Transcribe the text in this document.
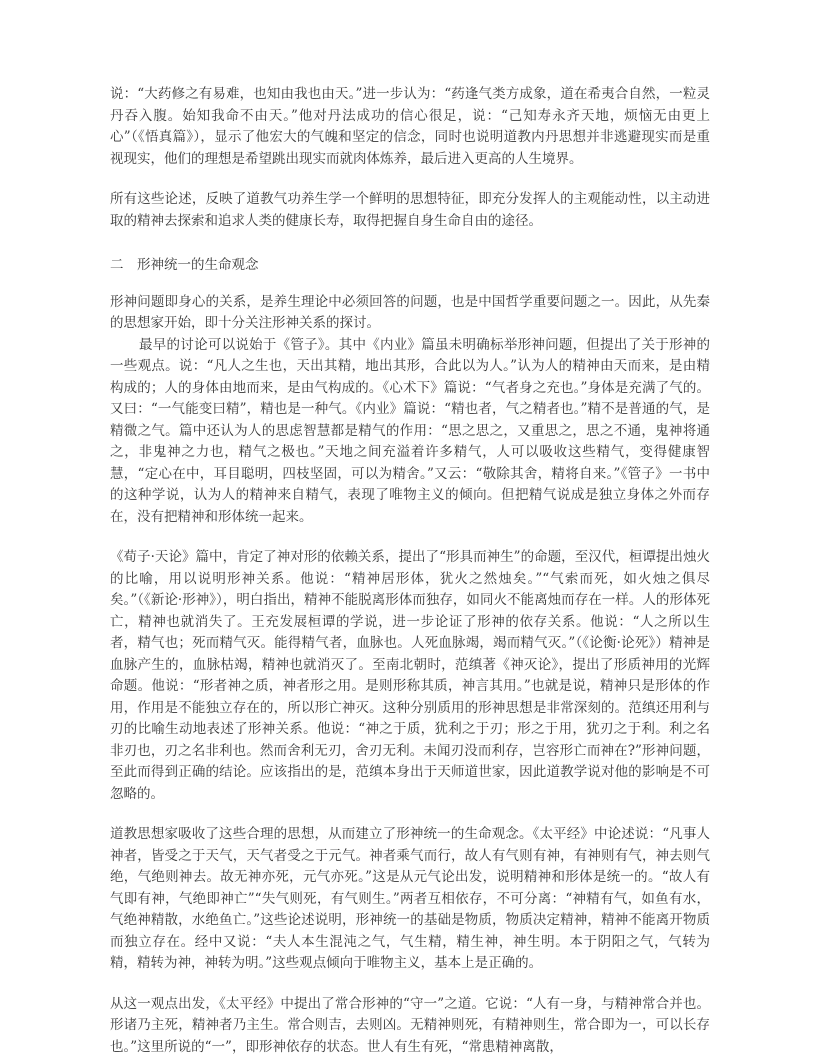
说：“大药修之有易难，也知由我也由天。”进一步认为：“药逢气类方成象，道在希夷合自然，一粒灵丹吞入腹。始知我命不由天。”他对丹法成功的信心很足，说：“己知寿永齐天地，烦恼无由更上心”（《悟真篇》），显示了他宏大的气魄和坚定的信念，同时也说明道教内丹思想并非逃避现实而是重视现实，他们的理想是希望跳出现实而就肉体炼养，最后进入更高的人生境界。

所有这些论述，反映了道教气功养生学一个鲜明的思想特征，即充分发挥人的主观能动性，以主动进取的精神去探索和追求人类的健康长寿，取得把握自身生命自由的途径。

二　形神统一的生命观念

形神问题即身心的关系，是养生理论中必须回答的问题，也是中国哲学重要问题之一。因此，从先秦的思想家开始，即十分关注形神关系的探讨。

最早的讨论可以说始于《管子》。其中《内业》篇虽未明确标举形神问题，但提出了关于形神的一些观点。说：“凡人之生也，天出其精，地出其形，合此以为人。”认为人的精神由天而来，是由精构成的；人的身体由地而来，是由气构成的。《心术下》篇说：“气者身之充也。”身体是充满了气的。又曰：“一气能变曰精”，精也是一种气。《内业》篇说：“精也者，气之精者也。”精不是普通的气，是精微之气。篇中还认为人的思虑智慧都是精气的作用：“思之思之，又重思之，思之不通，鬼神将通之，非鬼神之力也，精气之极也。”天地之间充溢着许多精气，人可以吸收这些精气，变得健康智慧，“定心在中，耳目聪明，四枝坚固，可以为精舍。”又云：“敬除其舍，精将自来。”《管子》一书中的这种学说，认为人的精神来自精气，表现了唯物主义的倾向。但把精气说成是独立身体之外而存在，没有把精神和形体统一起来。

《荀子·天论》篇中，肯定了神对形的依赖关系，提出了“形具而神生”的命题，至汉代，桓谭提出烛火的比喻，用以说明形神关系。他说：“精神居形体，犹火之然烛矣。”“气索而死，如火烛之俱尽矣。”（《新论·形神》），明白指出，精神不能脱离形体而独存，如同火不能离烛而存在一样。人的形体死亡，精神也就消失了。王充发展桓谭的学说，进一步论证了形神的依存关系。他说：“人之所以生者，精气也；死而精气灭。能得精气者，血脉也。人死血脉竭，竭而精气灭。”（《论衡·论死》）精神是血脉产生的，血脉枯竭，精神也就消灭了。至南北朝时，范缜著《神灭论》，提出了形质神用的光辉命题。他说：“形者神之质，神者形之用。是则形称其质，神言其用。”也就是说，精神只是形体的作用，作用是不能独立存在的，所以形亡神灭。这种分别质用的形神思想是非常深刻的。范缜还用利与刃的比喻生动地表述了形神关系。他说：“神之于质，犹利之于刃；形之于用，犹刃之于利。利之名非刃也，刃之名非利也。然而舍利无刃，舍刃无利。未闻刃没而利存，岂容形亡而神在?”形神问题，至此而得到正确的结论。应该指出的是，范缜本身出于天师道世家，因此道教学说对他的影响是不可忽略的。

道教思想家吸收了这些合理的思想，从而建立了形神统一的生命观念。《太平经》中论述说：“凡事人神者，皆受之于天气，天气者受之于元气。神者乘气而行，故人有气则有神，有神则有气，神去则气绝，气绝则神去。故无神亦死，元气亦死。”这是从元气论出发，说明精神和形体是统一的。“故人有气即有神，气绝即神亡”“失气则死，有气则生。”两者互相依存，不可分离：“神精有气，如鱼有水，气绝神精散，水绝鱼亡。”这些论述说明，形神统一的基础是物质，物质决定精神，精神不能离开物质而独立存在。经中又说：“夫人本生混沌之气，气生精，精生神，神生明。本于阴阳之气，气转为精，精转为神，神转为明。”这些观点倾向于唯物主义，基本上是正确的。

从这一观点出发，《太平经》中提出了常合形神的“守一”之道。它说：“人有一身，与精神常合并也。形诸乃主死，精神者乃主生。常合则吉，去则凶。无精神则死，有精神则生，常合即为一，可以长存也。”这里所说的“一”，即形神依存的状态。世人有生有死，“常患精神离散，
